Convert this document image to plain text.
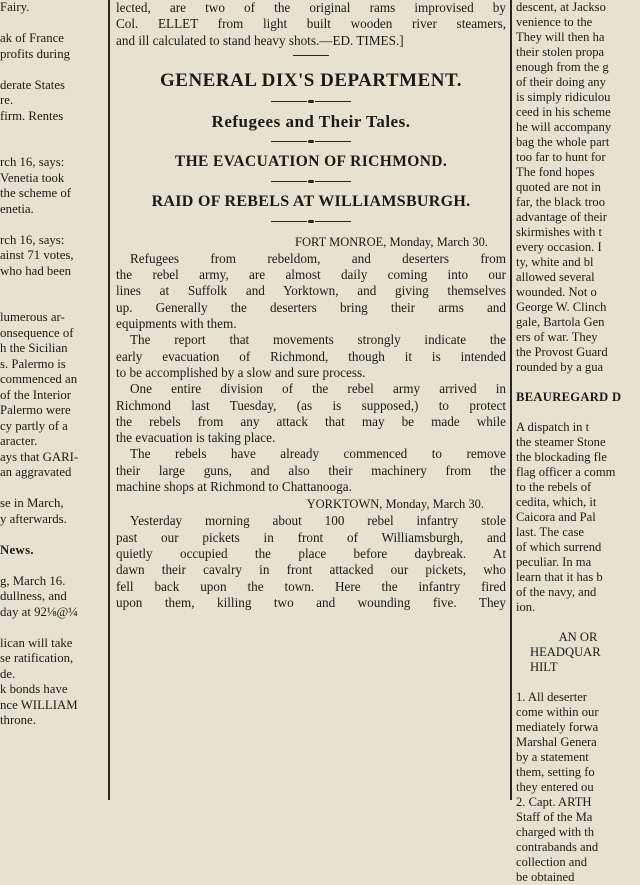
Fairy.

ak of France
profits during

derate States
re.
firm. Rentes

rch 16, says:
Venetia took
the scheme of
enetia.

rch 16, says:
ainst 71 votes,
who had been

lumerous ar-
onsequence of
h the Sicilian
s. Palermo is
commenced an
of the Interior
Palermo were
cy partly of a
aracter.
ays that GARI-
an aggravated

se in March,
y afterwards.

News.

g, March 16.
dullness, and
day at 92⅛@¼

lican will take
se ratification,
de.
k bonds have
nce WILLIAM
throne.
lected, are two of the original rams improvised by
Col. ELLET from light built wooden river steamers,
and ill calculated to stand heavy shots.—ED. TIMES.]
GENERAL DIX'S DEPARTMENT.
Refugees and Their Tales.
THE EVACUATION OF RICHMOND.
RAID OF REBELS AT WILLIAMSBURGH.
FORT MONROE, Monday, March 30.
Refugees from rebeldom, and deserters from
the rebel army, are almost daily coming into our
lines at Suffolk and Yorktown, and giving themselves
up. Generally the deserters bring their arms and
equipments with them.
The report that movements strongly indicate the
early evacuation of Richmond, though it is intended
to be accomplished by a slow and sure process.
One entire division of the rebel army arrived in
Richmond last Tuesday, (as is supposed,) to protect
the rebels from any attack that may be made while
the evacuation is taking place.
The rebels have already commenced to remove
their large guns, and also their machinery from the
machine shops at Richmond to Chattanooga.
YORKTOWN, Monday, March 30.
Yesterday morning about 100 rebel infantry stole
past our pickets in front of Williamsburgh, and
quietly occupied the place before daybreak. At
dawn their cavalry in front attacked our pickets, who
fell back upon the town. Here the infantry fired
upon them, killing two and wounding five. They
descent, at Jackso
venience to the
They will then ha
their stolen propa
enough from the g
of their doing any
is simply ridiculou
ceed in his scheme
he will accompany
bag the whole part
too far to hunt for
The fond hopes
quoted are not in
far, the black troo
advantage of their
skirmishes with t
every occasion. I
ty, white and bl
allowed several
wounded. Not o
George W. Clinch
gale, Bartola Gen
ers of war. They
the Provost Guard
rounded by a gua

BEAUREGARD D

A dispatch in t
the steamer Stone
the blockading fle
flag officer a comm
to the rebels of
cedita, which, it
Caicora and Pal
last. The case
of which surrend
peculiar. In ma
learn that it has b
of the navy, and
ion.

AN OR
HEADQUAR
HILT

1. All deserter
come within our
mediately forwa
Marshal Genera
by a statement
them, setting fo
they entered ou
2. Capt. ARTH
Staff of the Ma
charged with th
contrabands and
collection and
be obtained
